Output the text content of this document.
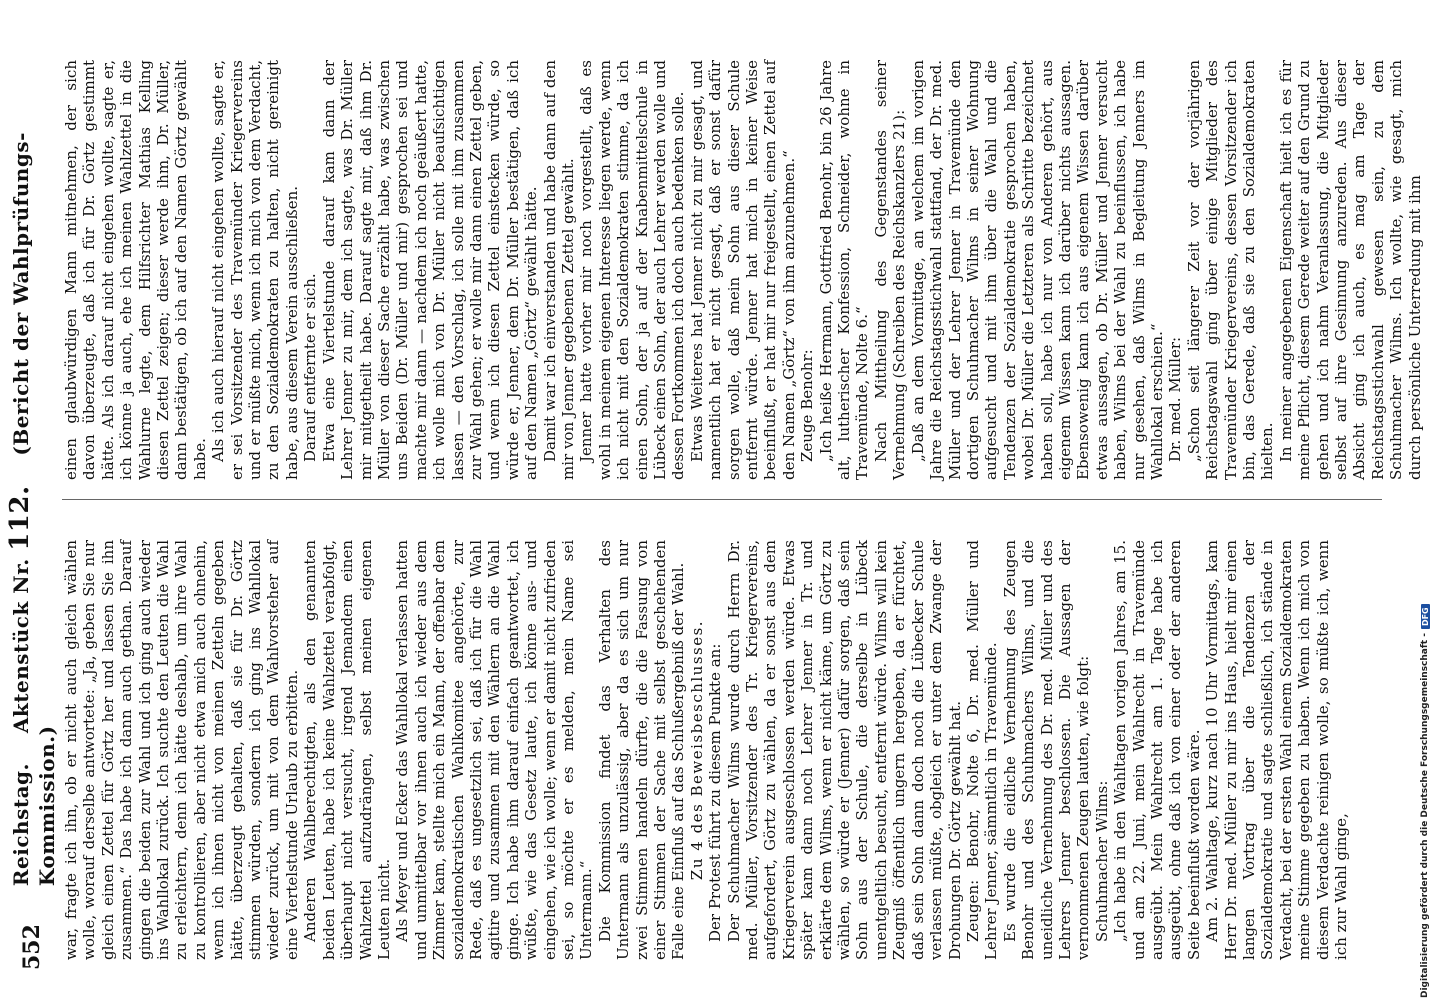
552
Reichstag.    Aktenstück Nr. 112.    (Bericht der Wahlprüfungs-Kommission.) war, fragte ich ihn, ob er nicht auch gleich wählen wolle, worauf derselbe antwortete: „Ja, geben Sie nur gleich einen Zettel für Görtz her und lassen Sie ihn zusammen.“ Das habe ich dann auch gethan. Darauf gingen die beiden zur Wahl und ich ging auch wieder ins Wahllokal zurück. Ich suchte den Leuten die Wahl zu erleichtern, denn ich hätte deshalb, um ihre Wahl zu kontrollieren, aber nicht etwa mich auch ohnehin, wenn ich ihnen nicht von meinen Zetteln gegeben hätte, überzeugt gehalten, daß sie für Dr. Görtz stimmen würden, sondern ich ging ins Wahllokal wieder zurück, um mit von dem Wahlvorsteher auf eine Viertelstunde Urlaub zu erbitten. Anderen Wahlberechtigten, als den genannten beiden Leuten, habe ich keine Wahlzettel verabfolgt, überhaupt nicht versucht, irgend Jemandem einen Wahlzettel aufzudrängen, selbst meinen eigenen Leuten nicht. Als Meyer und Ecker das Wahllokal verlassen hatten und unmittelbar vor ihnen auch ich wieder aus dem Zimmer kam, stellte mich ein Mann, der offenbar dem sozialdemokratischen Wahlkomitee angehörte, zur Rede, daß es ungesetzlich sei, daß ich für die Wahl agitire und zusammen mit den Wählern an die Wahl ginge. Ich habe ihm darauf einfach geantwortet, ich wüßte, wie das Gesetz laute, ich könne aus- und eingehen, wie ich wolle; wenn er damit nicht zufrieden sei, so möchte er es melden, mein Name sei Untermann.“ Die Kommission findet das Verhalten des Untermann als unzulässig, aber da es sich um nur zwei Stimmen handeln dürfte, die die Fassung von einer Stimmen der Sache mit selbst geschehenden Falle eine Einfluß auf das Schlußergebniß der Wahl. Zu 4 des Beweisbeschlusses. Der Protest führt zu diesem Punkte an: Der Schuhmacher Wilms wurde durch Herrn Dr. med. Müller, Vorsitzender des Tr. Kriegervereins, aufgefordert, Görtz zu wählen, da er sonst aus dem Kriegerverein ausgeschlossen werden würde. Etwas später kam dann noch Lehrer Jenner in Tr. und erklärte dem Wilms, wenn er nicht käme, um Görtz zu wählen, so würde er (Jenner) dafür sorgen, daß sein Sohn aus der Schule, die derselbe in Lübeck unentgeltlich besucht, entfernt würde. Wilms will kein Zeugniß öffentlich ungern hergeben, da er fürchtet, daß sein Sohn dann doch noch die Lübecker Schule verlassen müßte, obgleich er unter dem Zwange der Drohungen Dr. Görtz gewählt hat. Zeugen: Benohr, Nolte 6, Dr. med. Müller und Lehrer Jenner, sämmtlich in Travemünde. Es wurde die eidliche Vernehmung des Zeugen Benohr und des Schuhmachers Wilms, und die uneidliche Vernehmung des Dr. med. Müller und des Lehrers Jenner beschlossen. Die Aussagen der vernommenen Zeugen lauten, wie folgt: Schuhmacher Wilms: „Ich habe in den Wahltagen vorigen Jahres, am 15. und am 22. Juni, mein Wahlrecht in Travemünde ausgeübt. Mein Wahlrecht am 1. Tage habe ich ausgeübt, ohne daß ich von einer oder der anderen Seite beeinflußt worden wäre. Am 2. Wahltage, kurz nach 10 Uhr Vormittags, kam Herr Dr. med. Müller zu mir ins Haus, hielt mir einen langen Vortrag über die Tendenzen der Sozialdemokratie und sagte schließlich, ich stände in Verdacht, bei der ersten Wahl einem Sozialdemokraten meine Stimme gegeben zu haben. Wenn ich mich von diesem Verdachte reinigen wolle, so müßte ich, wenn ich zur Wahl ginge,

einen glaubwürdigen Mann mitnehmen, der sich davon überzeugte, daß ich für Dr. Görtz gestimmt hätte. Als ich darauf nicht eingehen wollte, sagte er, ich könne ja auch, ehe ich meinen Wahlzettel in die Wahlurne legte, dem Hilfsrichter Mathias Kelling diesen Zettel zeigen; dieser werde ihm, Dr. Müller, dann bestätigen, ob ich auf den Namen Görtz gewählt habe. Als ich auch hierauf nicht eingehen wollte, sagte er, er sei Vorsitzender des Travemünder Kriegervereins und er müßte mich, wenn ich mich von dem Verdacht, zu den Sozialdemokraten zu halten, nicht gereinigt habe, aus diesem Verein ausschließen. Darauf entfernte er sich. Etwa eine Viertelstunde darauf kam dann der Lehrer Jenner zu mir, dem ich sagte, was Dr. Müller mir mitgetheilt habe. Darauf sagte mir, daß ihm Dr. Müller von dieser Sache erzählt habe, was zwischen uns Beiden (Dr. Müller und mir) gesprochen sei und machte mir dann — nachdem ich noch geäußert hatte, ich wolle mich von Dr. Müller nicht beaufsichtigen lassen — den Vorschlag, ich solle mit ihm zusammen zur Wahl gehen; er wolle mir dann einen Zettel geben, und wenn ich diesen Zettel einstecken würde, so würde er, Jenner, dem Dr. Müller bestätigen, daß ich auf den Namen „Görtz“ gewählt hätte. Damit war ich einverstanden und habe dann auf den mir von Jenner gegebenen Zettel gewählt. Jenner hatte vorher mir noch vorgestellt, daß es wohl in meinem eigenen Interesse liegen werde, wenn ich nicht mit den Sozialdemokraten stimme, da ich einen Sohn, der ja auf der Knabenmittelschule in Lübeck einen Sohn, der auch Lehrer werden wolle und dessen Fortkommen ich doch auch bedenken solle. Etwas Weiteres hat Jenner nicht zu mir gesagt, und namentlich hat er nicht gesagt, daß er sonst dafür sorgen wolle, daß mein Sohn aus dieser Schule entfernt würde. Jenner hat mich in keiner Weise beeinflußt, er hat mir nur freigestellt, einen Zettel auf den Namen „Görtz“ von ihm anzunehmen.“ Zeuge Benohr: „Ich heiße Hermann, Gottfried Benohr, bin 26 Jahre alt, lutherischer Konfession, Schneider, wohne in Travemünde, Nolte 6.“ Nach Mittheilung des Gegenstandes seiner Vernehmung (Schreiben des Reichskanzlers 21): „Daß an dem Vormittage, an welchem im vorigen Jahre die Reichstagsstichwahl stattfand, der Dr. med. Müller und der Lehrer Jenner in Travemünde den dortigen Schuhmacher Wilms in seiner Wohnung aufgesucht und mit ihm über die Wahl und die Tendenzen der Sozialdemokratie gesprochen haben, wobei Dr. Müller die Letzteren als Schritte bezeichnet haben soll, habe ich nur von Anderen gehört, aus eigenem Wissen kann ich darüber nichts aussagen. Ebensowenig kann ich aus eigenem Wissen darüber etwas aussagen, ob Dr. Müller und Jenner versucht haben, Wilms bei der Wahl zu beeinflussen, ich habe nur gesehen, daß Wilms in Begleitung Jenners im Wahllokal erschien.“ Dr. med. Müller: „Schon seit längerer Zeit vor der vorjährigen Reichstagswahl ging über einige Mitglieder des Travemünder Kriegervereins, dessen Vorsitzender ich bin, das Gerede, daß sie zu den Sozialdemokraten hielten. In meiner angegebenen Eigenschaft hielt ich es für meine Pflicht, diesem Gerede weiter auf den Grund zu gehen und ich nahm Veranlassung, die Mitglieder selbst auf ihre Gesinnung anzureden. Aus dieser Absicht ging ich auch, es mag am Tage der Reichstagsstichwahl gewesen sein, zu dem Schuhmacher Wilms. Ich wollte, wie gesagt, mich durch persönliche Unterredung mit ihm

Digitalisierung gefördert durch die Deutsche Forschungsgemeinschaft -
DFG
